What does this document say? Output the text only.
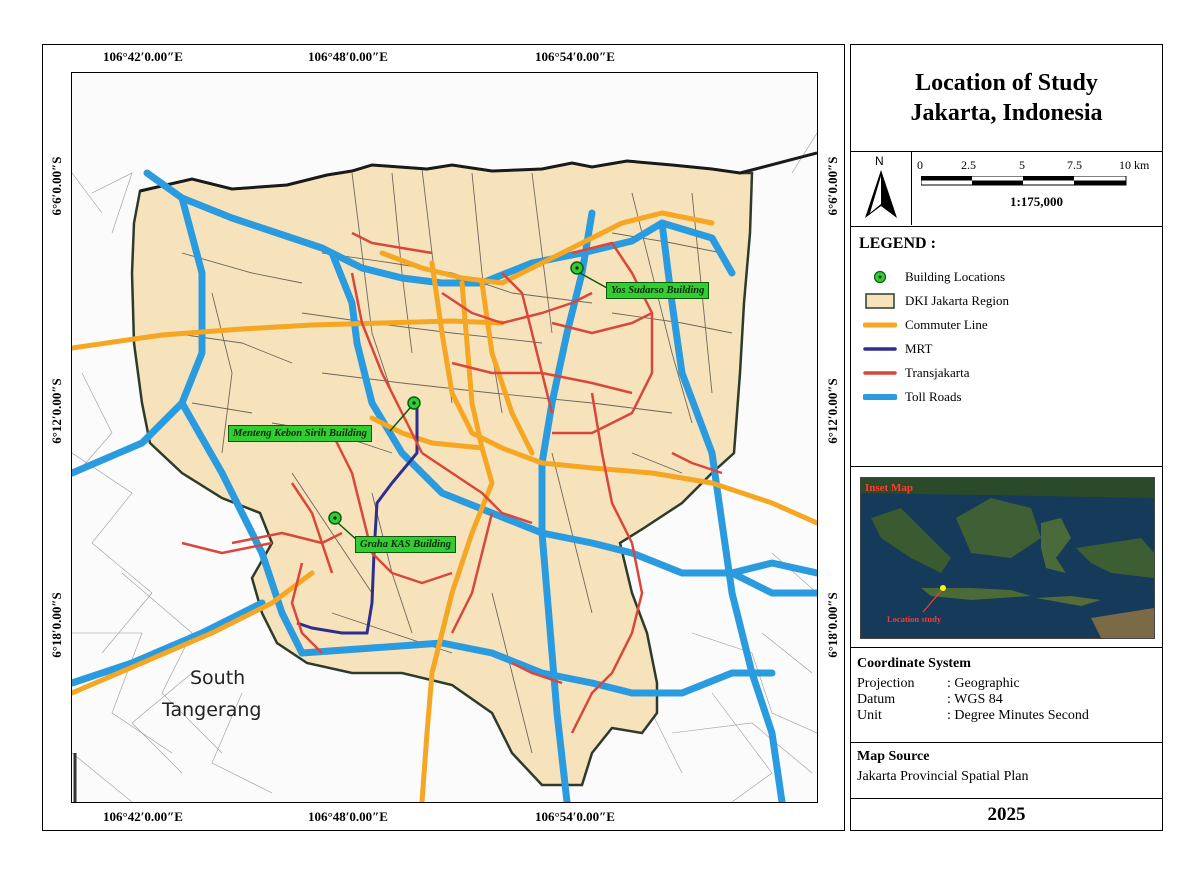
106°42′0.00″E	106°48′0.00″E	106°54′0.00″E
106°42′0.00″E	106°48′0.00″E	106°54′0.00″E
6°6′0.00″S
6°12′0.00″S
6°18′0.00″S
6°6′0.00″S
6°12′0.00″S
6°18′0.00″S
Yos Sudarso Building
Menteng Kebon Sirih Building
Graha KAS Building
South
Tangerang
Location of Study
Jakarta, Indonesia
N	0	2.5	5	7.5	10 km
1:175,000
LEGEND :
Building Locations
DKI Jakarta Region
Commuter Line
MRT
Transjakarta
Toll Roads
Inset Map
Location study
Coordinate System
Projection	: Geographic
Datum	: WGS 84
Unit	: Degree Minutes Second
Map Source
Jakarta Provincial Spatial Plan
2025
